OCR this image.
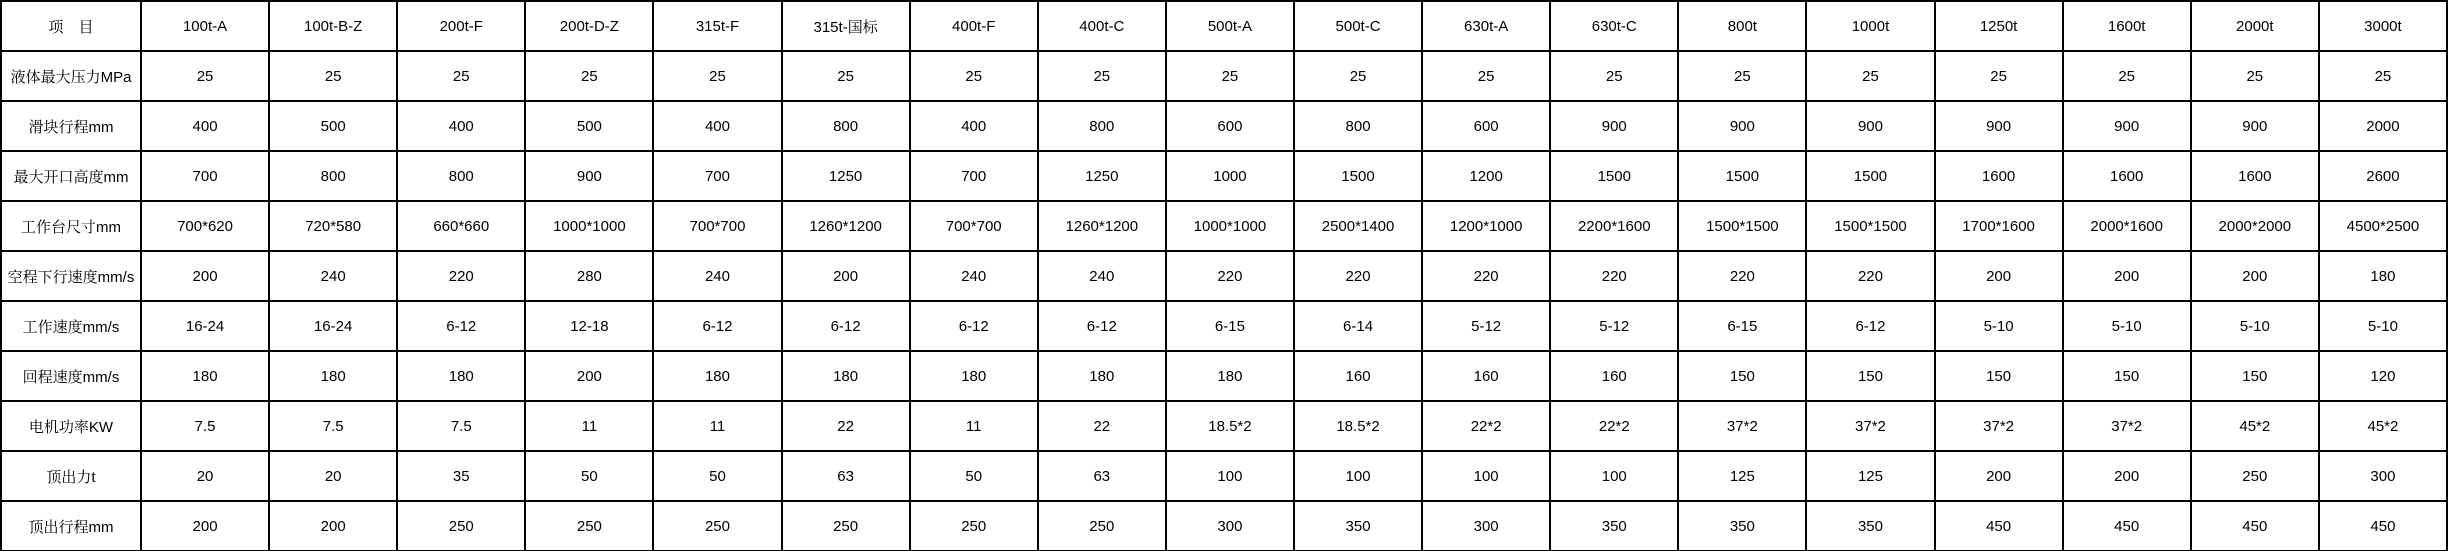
项　目	100t-A	100t-B-Z	200t-F	200t-D-Z	315t-F	315t-国标	400t-F	400t-C	500t-A	500t-C	630t-A	630t-C	800t	1000t	1250t	1600t	2000t	3000t
液体最大压力MPa	25	25	25	25	25	25	25	25	25	25	25	25	25	25	25	25	25	25
滑块行程mm	400	500	400	500	400	800	400	800	600	800	600	900	900	900	900	900	900	2000
最大开口高度mm	700	800	800	900	700	1250	700	1250	1000	1500	1200	1500	1500	1500	1600	1600	1600	2600
工作台尺寸mm	700*620	720*580	660*660	1000*1000	700*700	1260*1200	700*700	1260*1200	1000*1000	2500*1400	1200*1000	2200*1600	1500*1500	1500*1500	1700*1600	2000*1600	2000*2000	4500*2500
空程下行速度mm/s	200	240	220	280	240	200	240	240	220	220	220	220	220	220	200	200	200	180
工作速度mm/s	16-24	16-24	6-12	12-18	6-12	6-12	6-12	6-12	6-15	6-14	5-12	5-12	6-15	6-12	5-10	5-10	5-10	5-10
回程速度mm/s	180	180	180	200	180	180	180	180	180	160	160	160	150	150	150	150	150	120
电机功率KW	7.5	7.5	7.5	11	11	22	11	22	18.5*2	18.5*2	22*2	22*2	37*2	37*2	37*2	37*2	45*2	45*2
顶出力t	20	20	35	50	50	63	50	63	100	100	100	100	125	125	200	200	250	300
顶出行程mm	200	200	250	250	250	250	250	250	300	350	300	350	350	350	450	450	450	450
